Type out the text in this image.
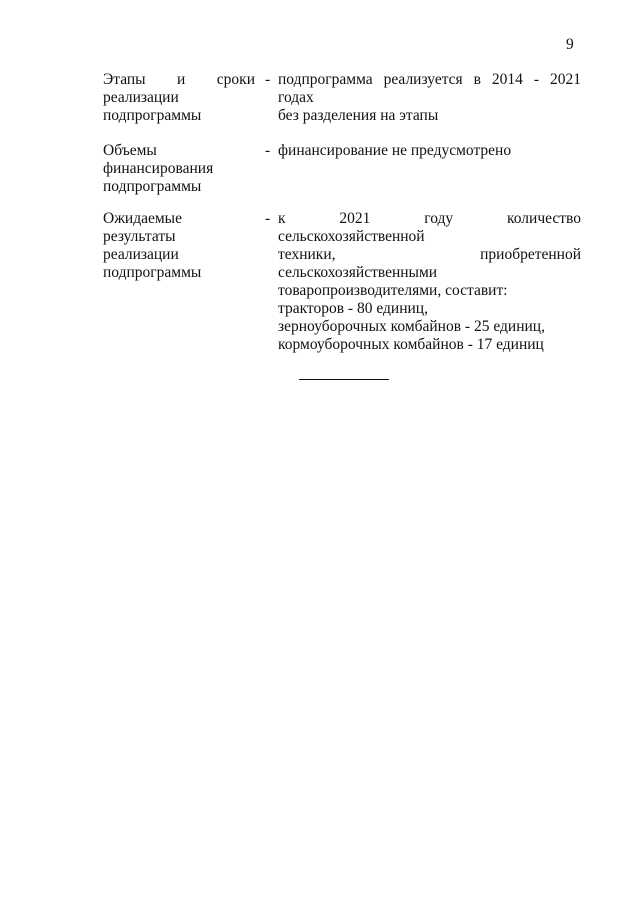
9
Этапы и сроки
реализации
подпрограммы
- подпрограмма реализуется в 2014 - 2021 годах
без разделения на этапы
Объемы
финансирования
подпрограммы
- финансирование не предусмотрено
Ожидаемые
результаты
реализации
подпрограммы
- к 2021 году количество сельскохозяйственной
техники, приобретенной
сельскохозяйственными
товаропроизводителями, составит:
тракторов - 80 единиц,
зерноуборочных комбайнов - 25 единиц,
кормоуборочных комбайнов - 17 единиц
